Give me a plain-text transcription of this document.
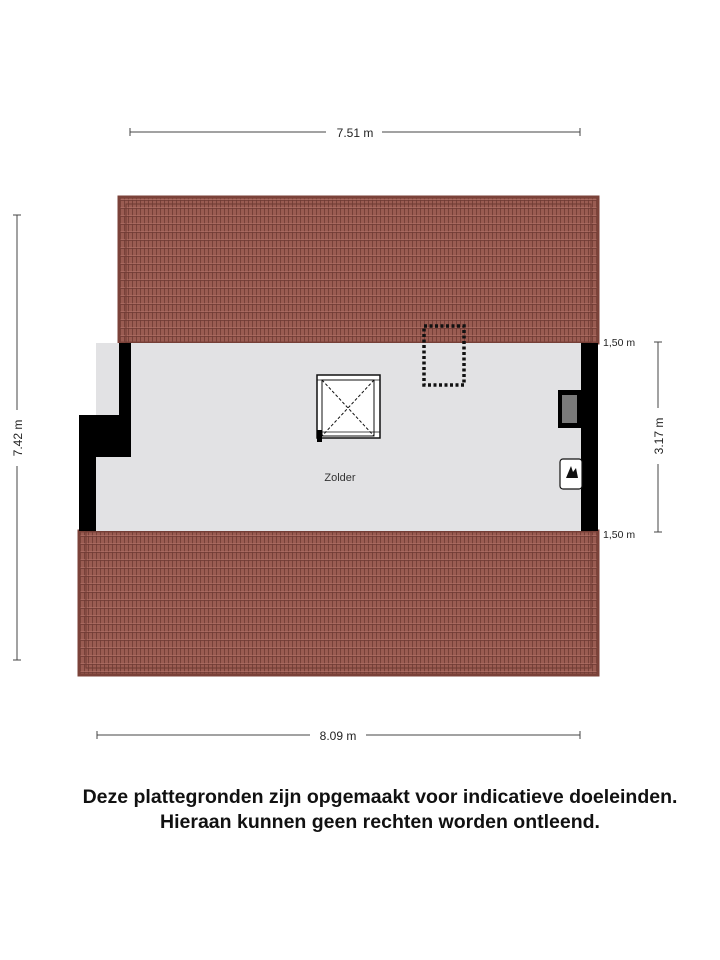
7.51 m
7.42 m	3.17 m
1,50 m
1,50 m
Zolder
8.09 m
Deze plattegronden zijn opgemaakt voor indicatieve doeleinden.
Hieraan kunnen geen rechten worden ontleend.
